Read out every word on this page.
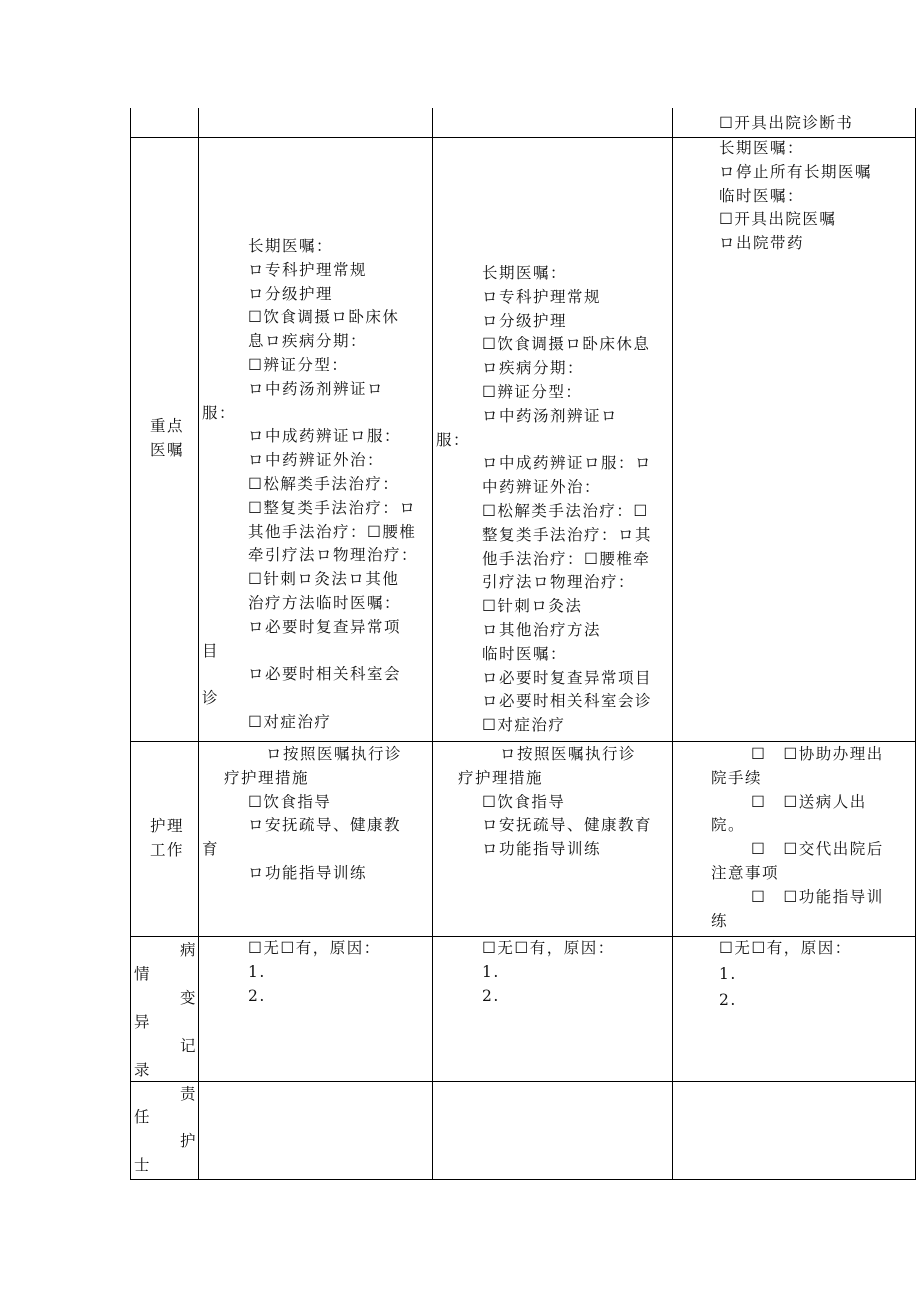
☐开具出院诊断书

重点

医嘱

长期医嘱：

ロ专科护理常规

ロ分级护理

☐饮食调摄ロ卧床休

息ロ疾病分期：

☐辨证分型：

ロ中药汤剂辨证ロ

服：

ロ中成药辨证ロ服：

ロ中药辨证外治：

☐松解类手法治疗：

☐整复类手法治疗：ロ

其他手法治疗：☐腰椎

牵引疗法ロ物理治疗：

☐针刺ロ灸法ロ其他

治疗方法临时医嘱：

ロ必要时复查异常项

目

ロ必要时相关科室会

诊

☐对症治疗

长期医嘱：

ロ专科护理常规

ロ分级护理

☐饮食调摄ロ卧床休息

ロ疾病分期：

☐辨证分型：

ロ中药汤剂辨证ロ

服：

ロ中成药辨证ロ服：ロ

中药辨证外治：

☐松解类手法治疗：☐

整复类手法治疗：ロ其

他手法治疗：☐腰椎牵

引疗法ロ物理治疗：

☐针刺ロ灸法

ロ其他治疗方法

临时医嘱：

ロ必要时复查异常项目

ロ必要时相关科室会诊

☐对症治疗

长期医嘱：

ロ停止所有长期医嘱

临时医嘱：

☐开具出院医嘱

ロ出院带药

护理

工作

ロ按照医嘱执行诊

疗护理措施

☐饮食指导

ロ安抚疏导、健康教

育

ロ功能指导训练

ロ按照医嘱执行诊

疗护理措施

☐饮食指导

ロ安抚疏导、健康教育

ロ功能指导训练

☐　☐协助办理出

院手续

☐　☐送病人出

院。

☐　☐交代出院后

注意事项

☐　☐功能指导训

练

病
情
变
异
记
录

☐无☐有，原因：

1.

2.

☐无☐有，原因：

1.

2.

☐无☐有，原因：

1.

2.

责
任
护
士
